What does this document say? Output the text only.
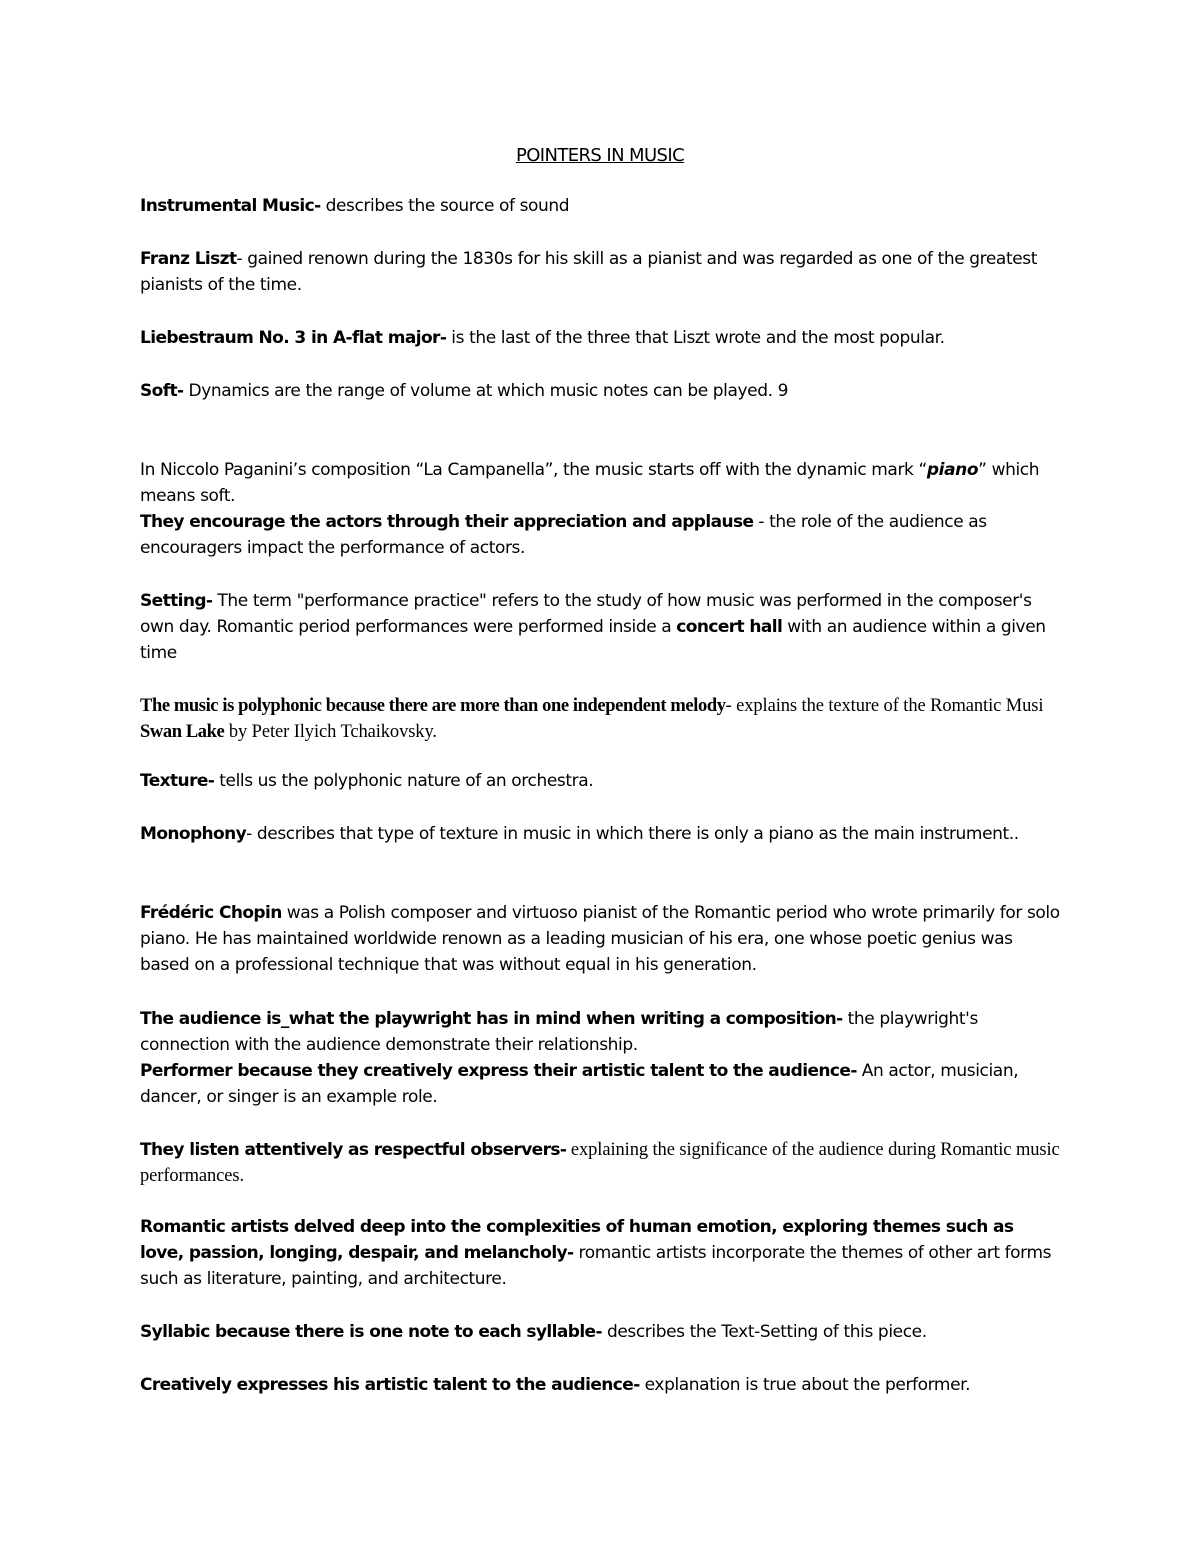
POINTERS IN MUSIC

Instrumental Music- describes the source of sound

Franz Liszt- gained renown during the 1830s for his skill as a pianist and was regarded as one of the greatest pianists of the time.

Liebestraum No. 3 in A-flat major- is the last of the three that Liszt wrote and the most popular.

Soft- Dynamics are the range of volume at which music notes can be played. 9

In Niccolo Paganini’s composition “La Campanella”, the music starts off with the dynamic mark “piano” which means soft.

They encourage the actors through their appreciation and applause - the role of the audience as encouragers impact the performance of actors.

Setting- The term "performance practice" refers to the study of how music was performed in the composer's own day. Romantic period performances were performed inside a concert hall with an audience within a given time

The music is polyphonic because there are more than one independent melody- explains the texture of the Romantic Musi Swan Lake by Peter Ilyich Tchaikovsky.

Texture- tells us the polyphonic nature of an orchestra.

Monophony- describes that type of texture in music in which there is only a piano as the main instrument..

Frédéric Chopin was a Polish composer and virtuoso pianist of the Romantic period who wrote primarily for solo piano. He has maintained worldwide renown as a leading musician of his era, one whose poetic genius was based on a professional technique that was without equal in his generation.

The audience is_what the playwright has in mind when writing a composition- the playwright's connection with the audience demonstrate their relationship.

Performer because they creatively express their artistic talent to the audience- An actor, musician, dancer, or singer is an example role.

They listen attentively as respectful observers- explaining the significance of the audience during Romantic music performances.

Romantic artists delved deep into the complexities of human emotion, exploring themes such as love, passion, longing, despair, and melancholy- romantic artists incorporate the themes of other art forms such as literature, painting, and architecture.

Syllabic because there is one note to each syllable- describes the Text-Setting of this piece.

Creatively expresses his artistic talent to the audience- explanation is true about the performer.
